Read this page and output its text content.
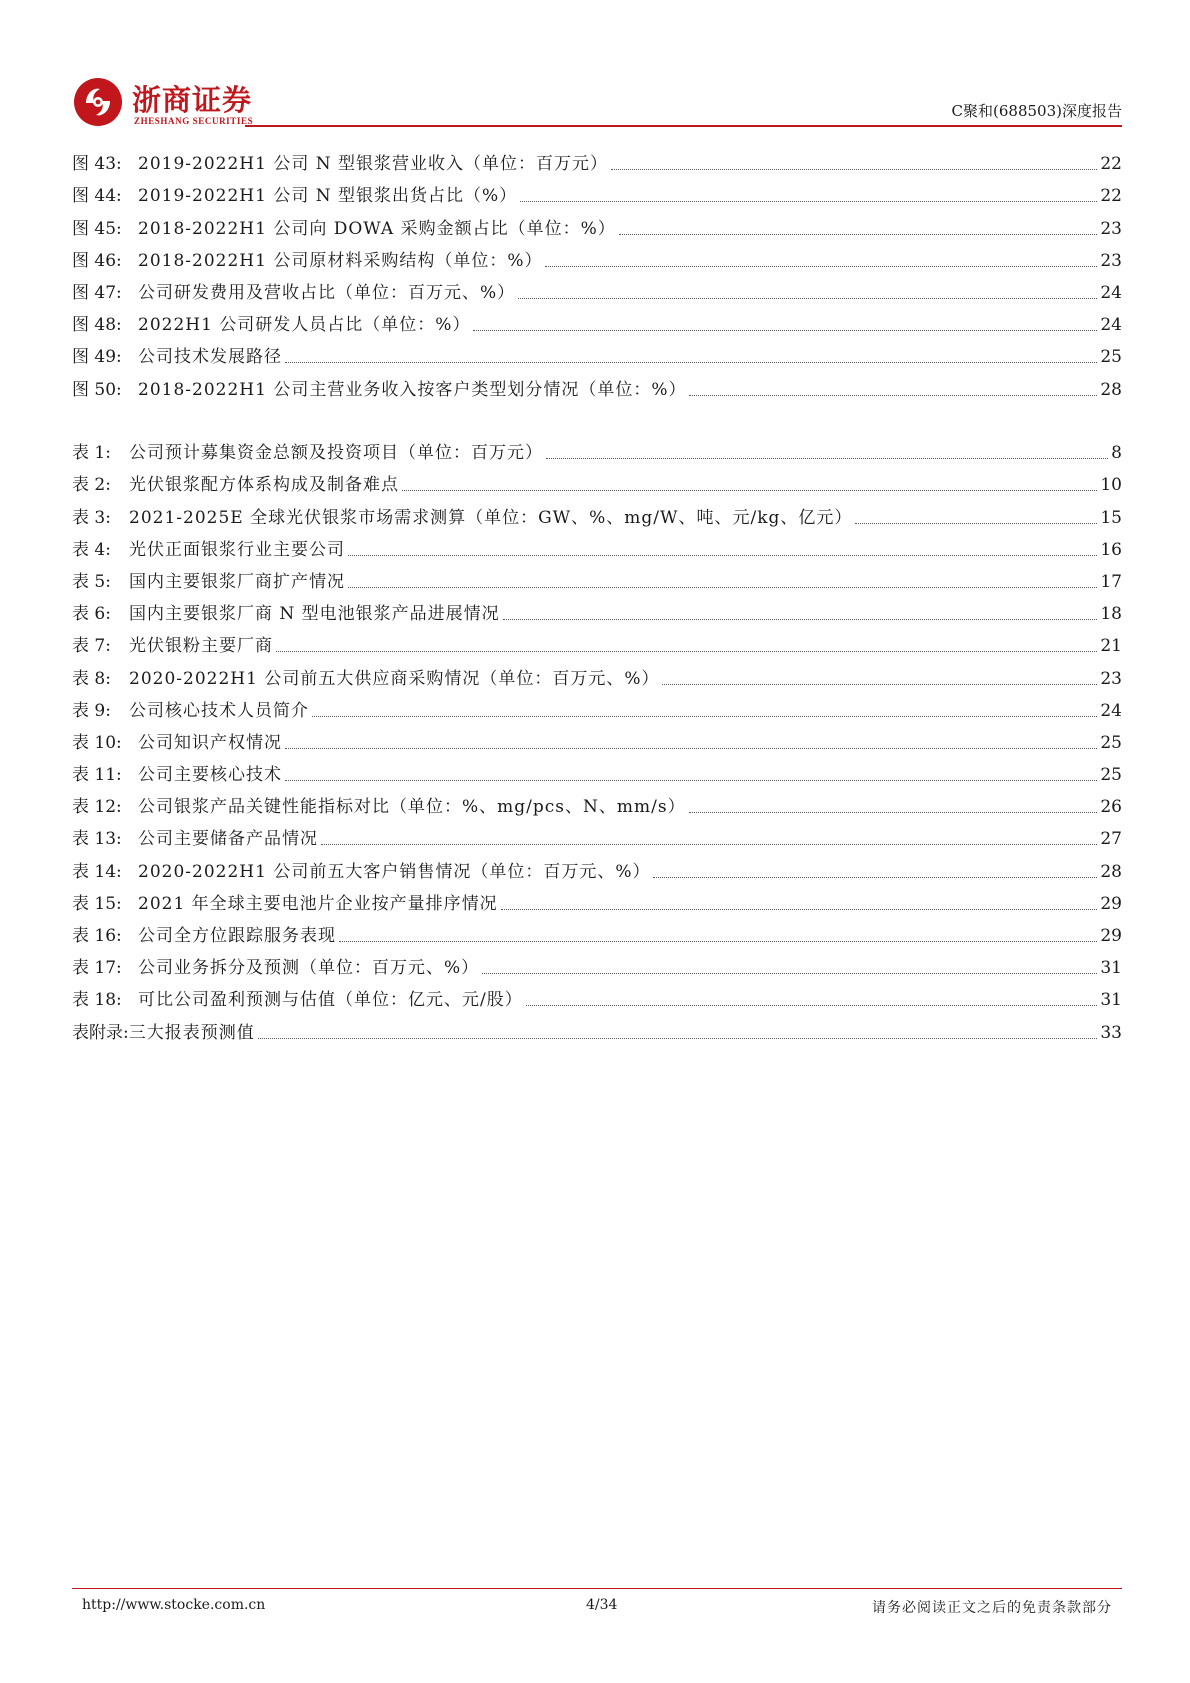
浙商证券
ZHESHANG SECURITIES
C聚和(688503)深度报告
图 43: 2019-2022H1 公司 N 型银浆营业收入（单位：百万元）	22
图 44: 2019-2022H1 公司 N 型银浆出货占比（%）	22
图 45: 2018-2022H1 公司向 DOWA 采购金额占比（单位：%）	23
图 46: 2018-2022H1 公司原材料采购结构（单位：%）	23
图 47: 公司研发费用及营收占比（单位：百万元、%）	24
图 48: 2022H1 公司研发人员占比（单位：%）	24
图 49: 公司技术发展路径	25
图 50: 2018-2022H1 公司主营业务收入按客户类型划分情况（单位：%）	28
表 1: 公司预计募集资金总额及投资项目（单位：百万元）	8
表 2: 光伏银浆配方体系构成及制备难点	10
表 3: 2021-2025E 全球光伏银浆市场需求测算（单位：GW、%、mg/W、吨、元/kg、亿元）	15
表 4: 光伏正面银浆行业主要公司	16
表 5: 国内主要银浆厂商扩产情况	17
表 6: 国内主要银浆厂商 N 型电池银浆产品进展情况	18
表 7: 光伏银粉主要厂商	21
表 8: 2020-2022H1 公司前五大供应商采购情况（单位：百万元、%）	23
表 9: 公司核心技术人员简介	24
表 10: 公司知识产权情况	25
表 11: 公司主要核心技术	25
表 12: 公司银浆产品关键性能指标对比（单位：%、mg/pcs、N、mm/s）	26
表 13: 公司主要储备产品情况	27
表 14: 2020-2022H1 公司前五大客户销售情况（单位：百万元、%）	28
表 15: 2021 年全球主要电池片企业按产量排序情况	29
表 16: 公司全方位跟踪服务表现	29
表 17: 公司业务拆分及预测（单位：百万元、%）	31
表 18: 可比公司盈利预测与估值（单位：亿元、元/股）	31
表附录:三大报表预测值	33
http://www.stocke.com.cn	4/34	请务必阅读正文之后的免责条款部分
